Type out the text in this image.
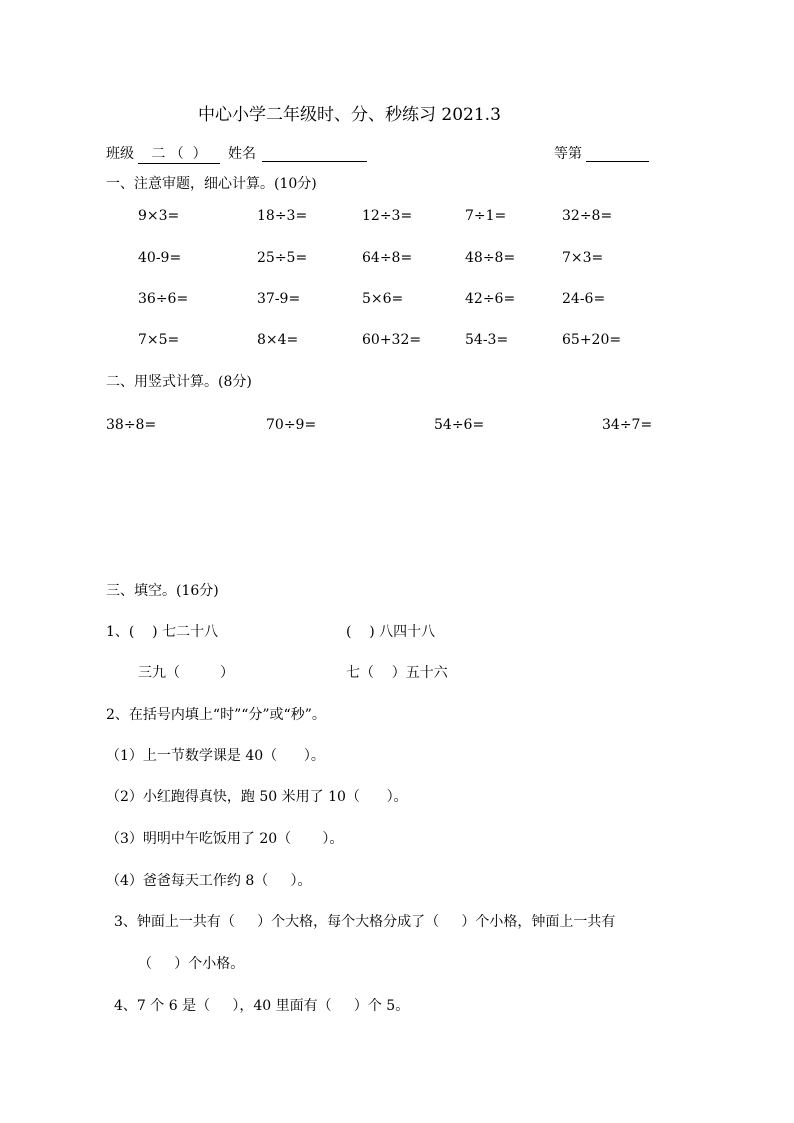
中心小学二年级时、分、秒练习 2021.3
班级	二 （  ）	姓名	等第
一、注意审题，细心计算。(10分)
9×3=	18÷3=	12÷3=	7÷1=	32÷8=
40-9=	25÷5=	64÷8=	48÷8=	7×3=
36÷6=	37-9=	5×6=	42÷6=	24-6=
7×5=	8×4=	60+32=	54-3=	65+20=
二、用竖式计算。(8分)
38÷8=	70÷9=	54÷6=	34÷7=
三、填空。(16分)
1、(    ) 七二十八	(    ) 八四十八
三九（         ）	七（    ）五十六
2、在括号内填上“时”“分”或“秒”。
（1）上一节数学课是 40（      ）。
（2）小红跑得真快，跑 50 米用了 10（      ）。
（3）明明中午吃饭用了 20（       ）。
（4）爸爸每天工作约 8（     ）。
3、钟面上一共有（     ）个大格，每个大格分成了（     ）个小格，钟面上一共有
（     ）个小格。
4、7 个 6 是（     ），40 里面有（     ）个 5。
